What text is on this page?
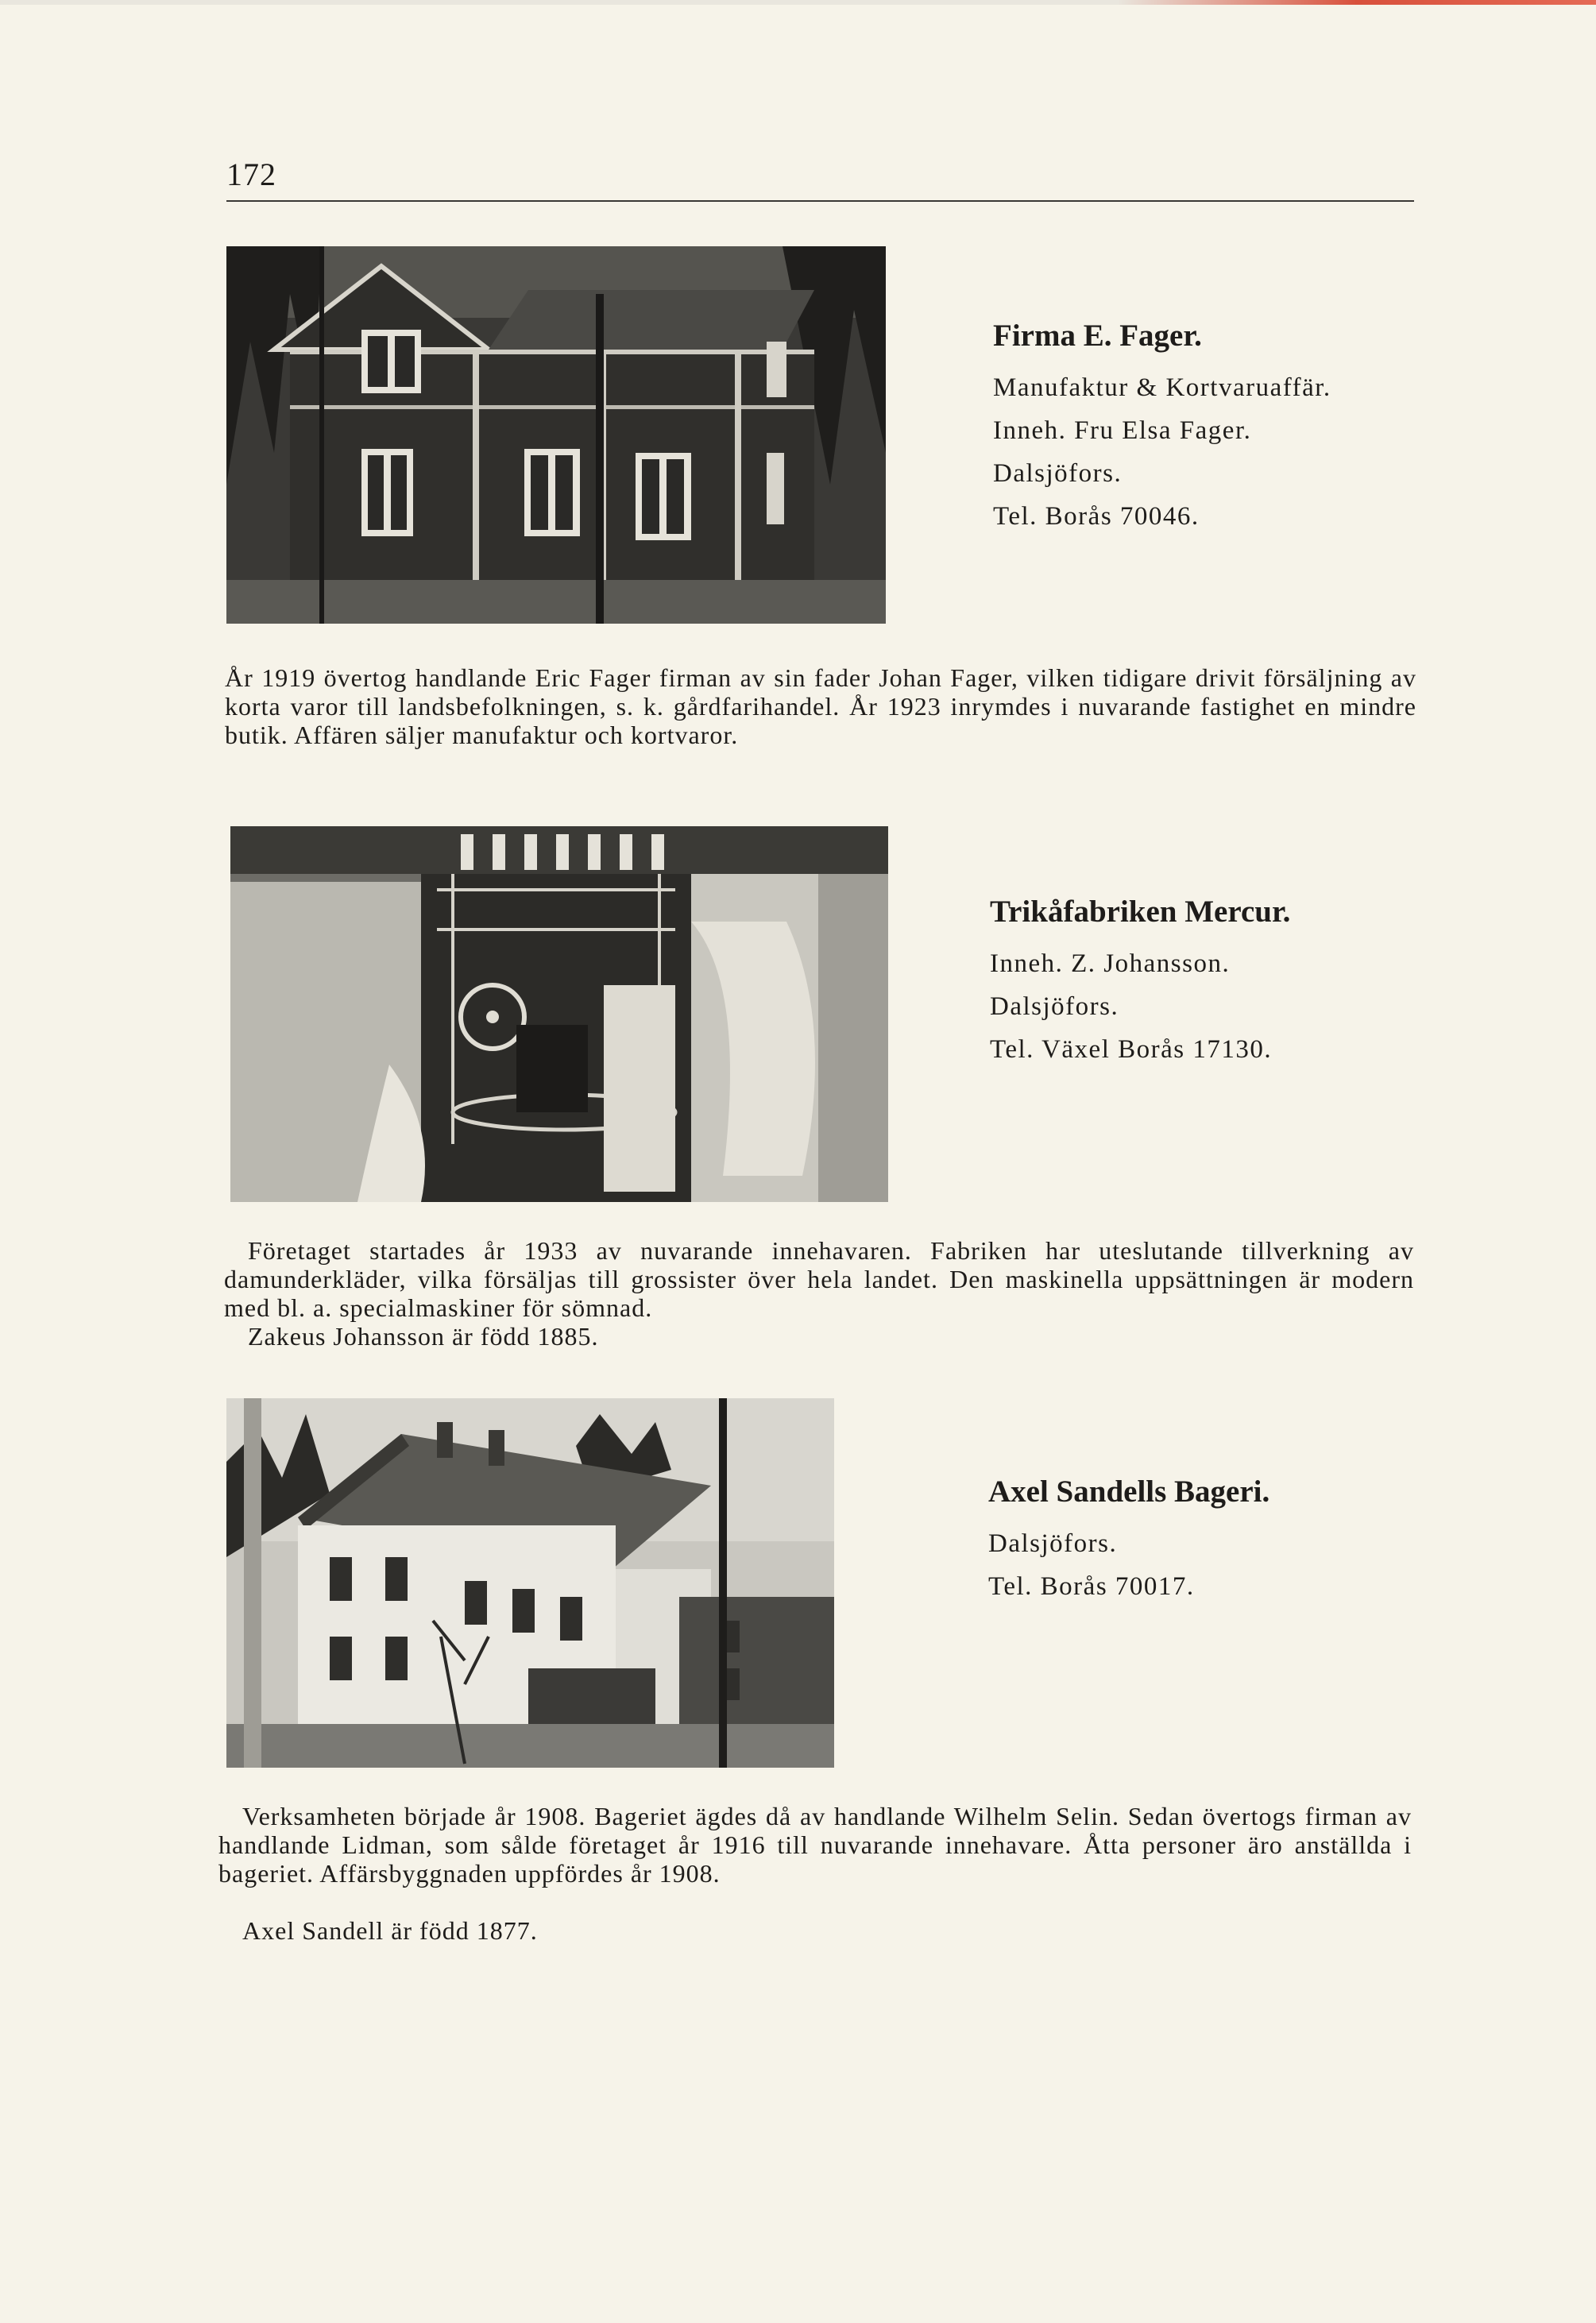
172

Firma E. Fager.

Manufaktur & Kortvaruaffär.

Inneh. Fru Elsa Fager.

Dalsjöfors.

Tel. Borås 70046.

År 1919 övertog handlande Eric Fager firman av sin fader Johan Fager, vilken tidigare drivit försäljning av korta varor till landsbefolkningen, s. k. gårdfarihandel. År 1923 inrymdes i nuvarande fastighet en mindre butik. Affären säljer manufaktur och kortvaror.

Trikåfabriken Mercur.

Inneh. Z. Johansson.

Dalsjöfors.

Tel. Växel Borås 17130.

Företaget startades år 1933 av nuvarande innehavaren. Fabriken har uteslutande tillverkning av damunderkläder, vilka försäljas till grossister över hela landet. Den maskinella uppsättningen är modern med bl. a. specialmaskiner för sömnad.

Zakeus Johansson är född 1885.

Axel Sandells Bageri.

Dalsjöfors.

Tel. Borås 70017.

Verksamheten började år 1908. Bageriet ägdes då av handlande Wilhelm Selin. Sedan övertogs firman av handlande Lidman, som sålde företaget år 1916 till nuvarande innehavare. Åtta personer äro anställda i bageriet. Affärsbyggnaden uppfördes år 1908.

Axel Sandell är född 1877.
